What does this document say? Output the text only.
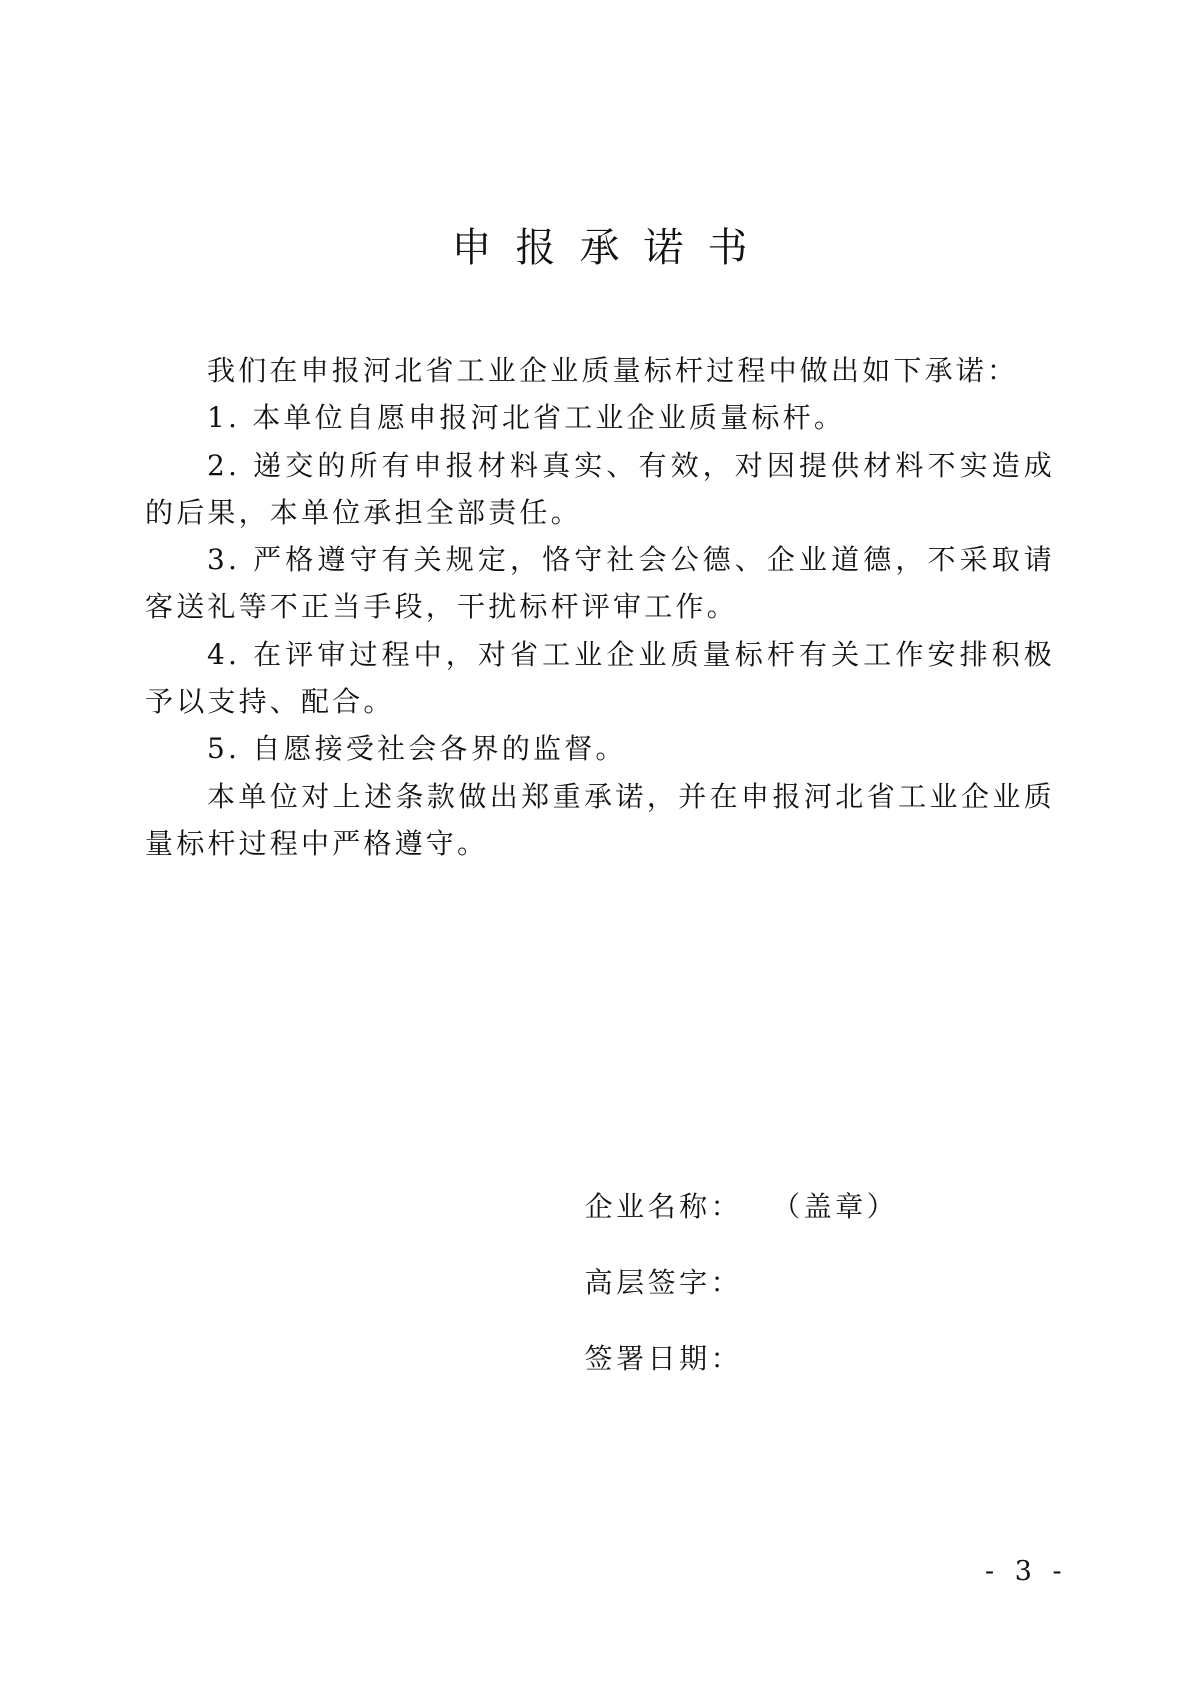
申报承诺书

我们在申报河北省工业企业质量标杆过程中做出如下承诺：

1. 本单位自愿申报河北省工业企业质量标杆。

2. 递交的所有申报材料真实、有效，对因提供材料不实造成的后果，本单位承担全部责任。

3. 严格遵守有关规定，恪守社会公德、企业道德，不采取请客送礼等不正当手段，干扰标杆评审工作。

4. 在评审过程中，对省工业企业质量标杆有关工作安排积极予以支持、配合。

5. 自愿接受社会各界的监督。

本单位对上述条款做出郑重承诺，并在申报河北省工业企业质量标杆过程中严格遵守。

企业名称： （盖章）

高层签字：

签署日期：

- 3 -
